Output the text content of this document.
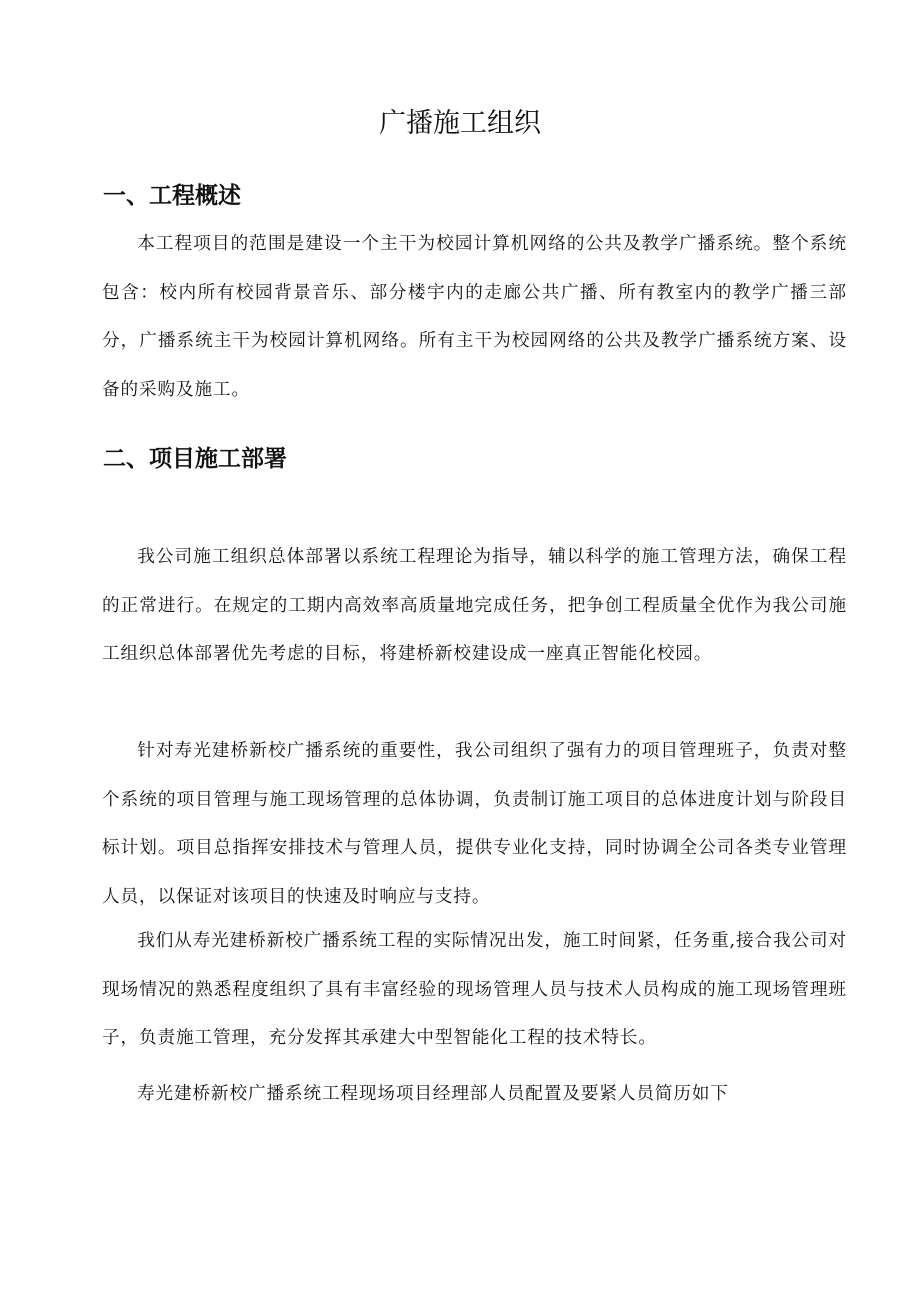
广播施工组织
一、工程概述

本工程项目的范围是建设一个主干为校园计算机网络的公共及教学广播系统。整个系统包含：校内所有校园背景音乐、部分楼宇内的走廊公共广播、所有教室内的教学广播三部分，广播系统主干为校园计算机网络。所有主干为校园网络的公共及教学广播系统方案、设备的采购及施工。

二、项目施工部署

我公司施工组织总体部署以系统工程理论为指导，辅以科学的施工管理方法，确保工程的正常进行。在规定的工期内高效率高质量地完成任务，把争创工程质量全优作为我公司施工组织总体部署优先考虑的目标，将建桥新校建设成一座真正智能化校园。

针对寿光建桥新校广播系统的重要性，我公司组织了强有力的项目管理班子，负责对整个系统的项目管理与施工现场管理的总体协调，负责制订施工项目的总体进度计划与阶段目标计划。项目总指挥安排技术与管理人员，提供专业化支持，同时协调全公司各类专业管理人员，以保证对该项目的快速及时响应与支持。

我们从寿光建桥新校广播系统工程的实际情况出发，施工时间紧，任务重,接合我公司对现场情况的熟悉程度组织了具有丰富经验的现场管理人员与技术人员构成的施工现场管理班子，负责施工管理，充分发挥其承建大中型智能化工程的技术特长。

寿光建桥新校广播系统工程现场项目经理部人员配置及要紧人员简历如下
